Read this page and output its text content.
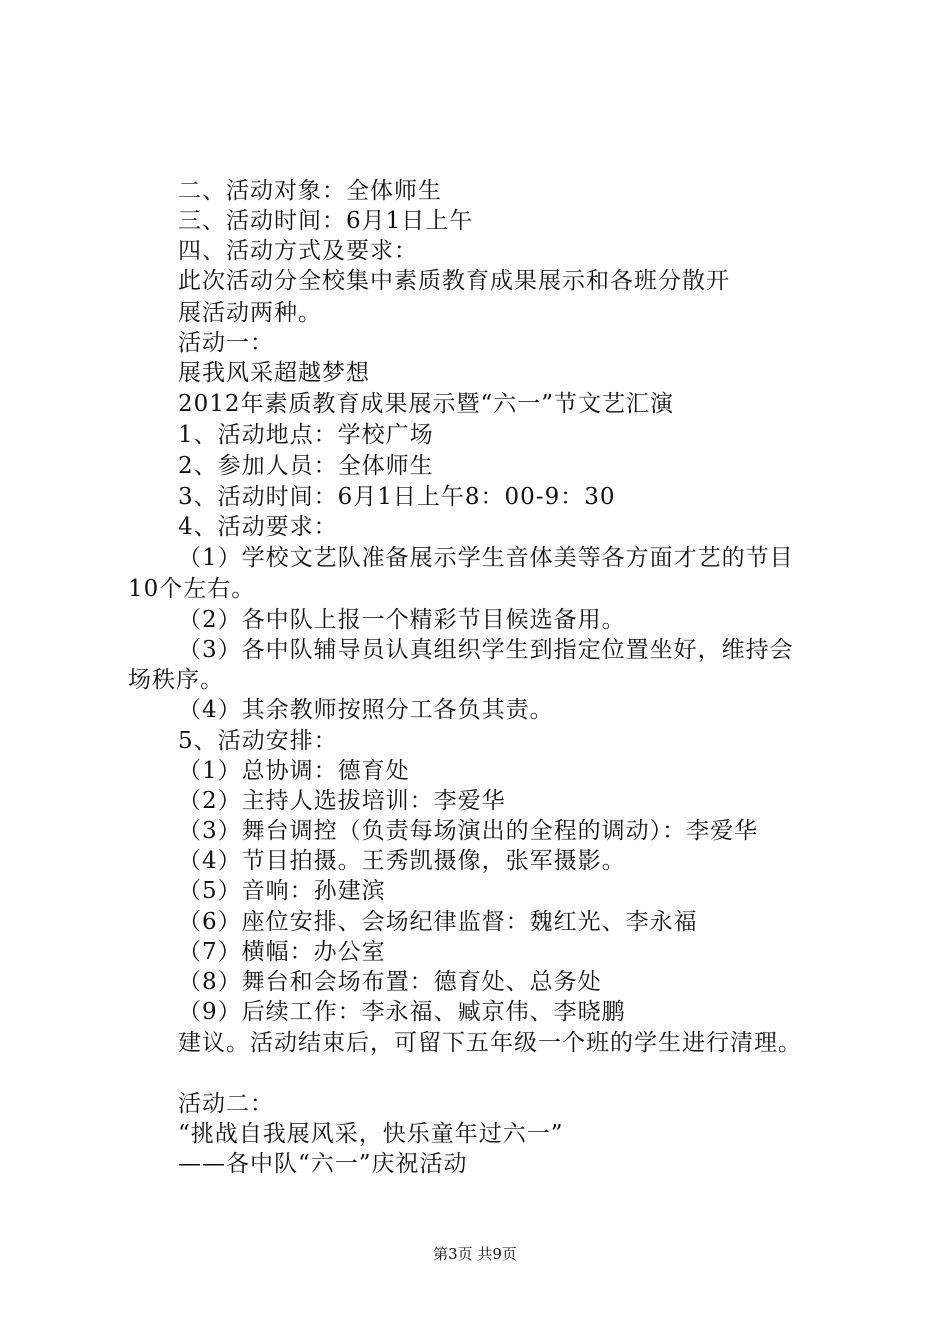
二、活动对象：全体师生
三、活动时间：6月1日上午
四、活动方式及要求：
此次活动分全校集中素质教育成果展示和各班分散开
展活动两种。
活动一：
展我风采超越梦想
2012年素质教育成果展示暨“六一”节文艺汇演
1、活动地点：学校广场
2、参加人员：全体师生
3、活动时间：6月1日上午8：00-9：30
4、活动要求：
（1）学校文艺队准备展示学生音体美等各方面才艺的节目
10个左右。
（2）各中队上报一个精彩节目候选备用。
（3）各中队辅导员认真组织学生到指定位置坐好，维持会
场秩序。
（4）其余教师按照分工各负其责。
5、活动安排：
（1）总协调：德育处
（2）主持人选拔培训：李爱华
（3）舞台调控（负责每场演出的全程的调动）：李爱华
（4）节目拍摄。王秀凯摄像，张军摄影。
（5）音响：孙建滨
（6）座位安排、会场纪律监督：魏红光、李永福
（7）横幅：办公室
（8）舞台和会场布置：德育处、总务处
（9）后续工作：李永福、臧京伟、李晓鹏
建议。活动结束后，可留下五年级一个班的学生进行清理。
活动二：
“挑战自我展风采，快乐童年过六一”
——各中队“六一”庆祝活动
第3页 共9页
